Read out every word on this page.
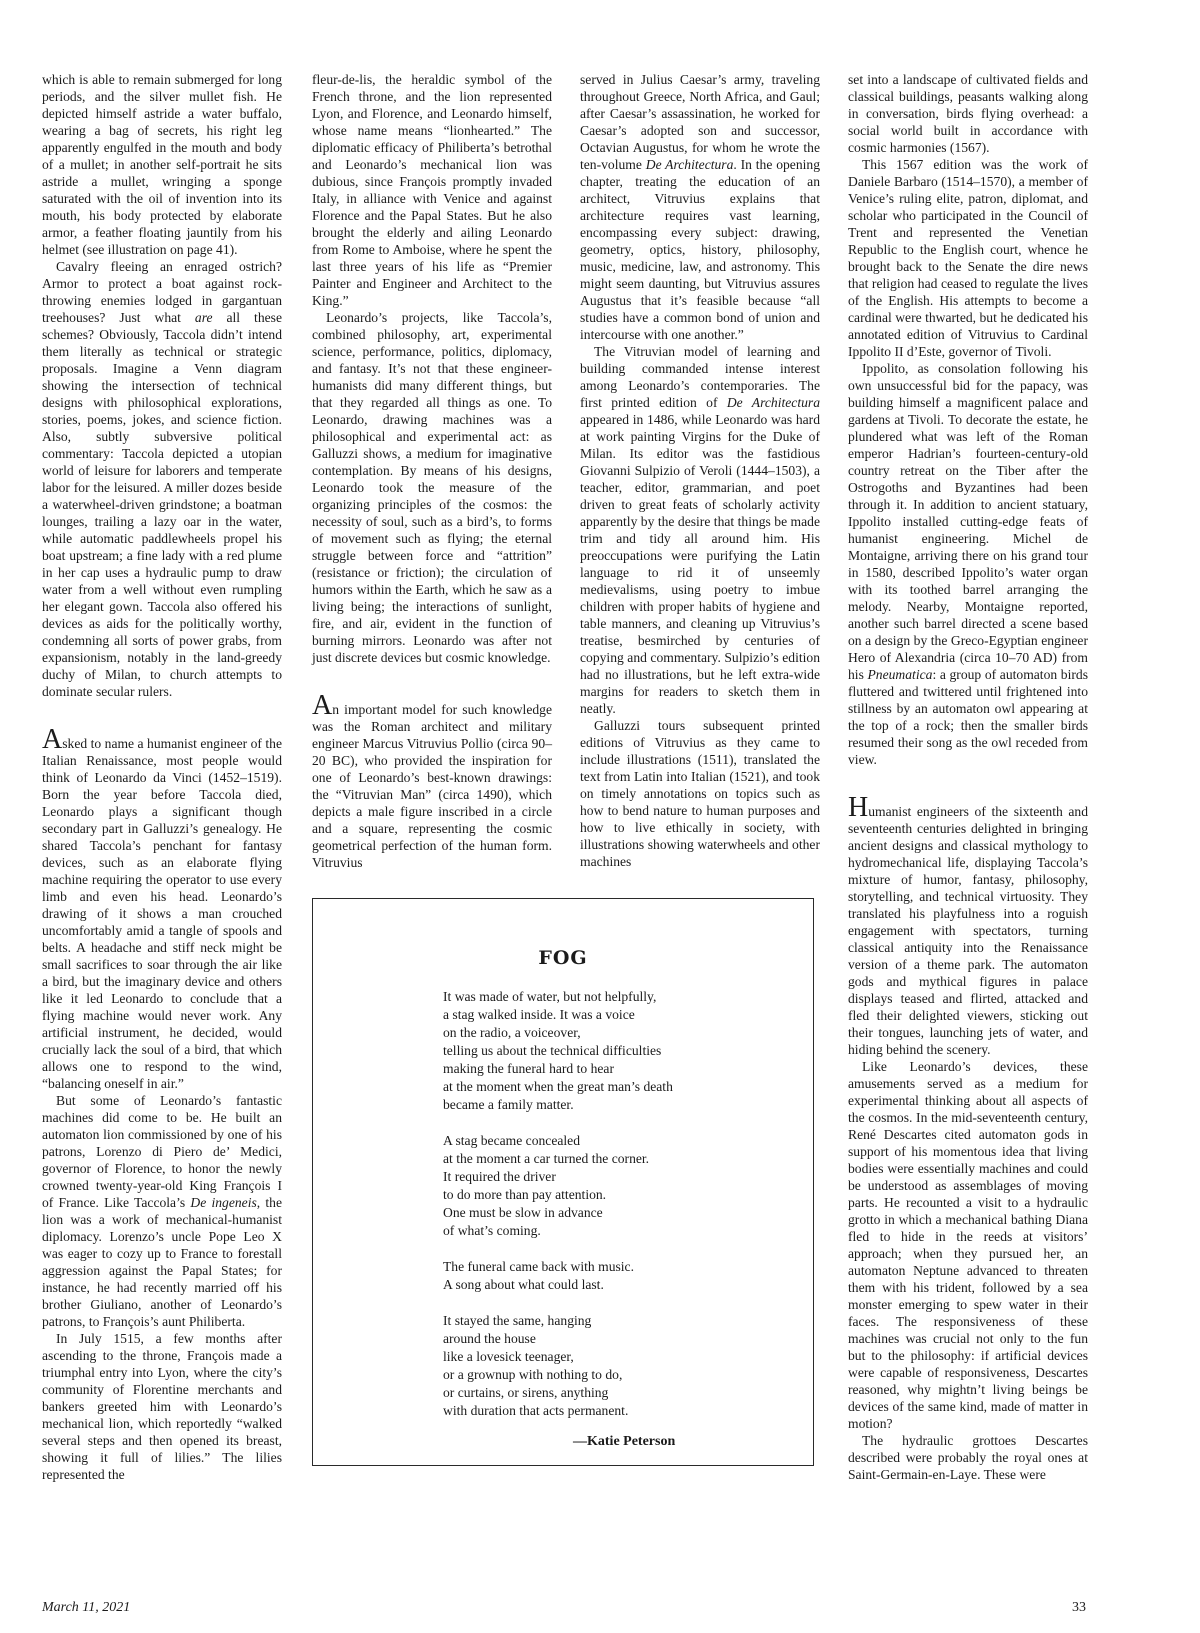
which is able to remain submerged for long periods, and the silver mullet fish. He depicted himself astride a water buffalo, wearing a bag of secrets, his right leg apparently engulfed in the mouth and body of a mullet; in another self-portrait he sits astride a mullet, wringing a sponge saturated with the oil of invention into its mouth, his body protected by elaborate armor, a feather floating jauntily from his helmet (see illustration on page 41).

Cavalry fleeing an enraged ostrich? Armor to protect a boat against rock-throwing enemies lodged in gargantuan treehouses? Just what are all these schemes? Obviously, Taccola didn’t intend them literally as technical or strategic proposals. Imagine a Venn diagram showing the intersection of technical designs with philosophical explorations, stories, poems, jokes, and science fiction. Also, subtly subversive political commentary: Taccola depicted a utopian world of leisure for laborers and temperate labor for the leisured. A miller dozes beside a waterwheel-driven grindstone; a boatman lounges, trailing a lazy oar in the water, while automatic paddlewheels propel his boat upstream; a fine lady with a red plume in her cap uses a hydraulic pump to draw water from a well without even rumpling her elegant gown. Taccola also offered his devices as aids for the politically worthy, condemning all sorts of power grabs, from expansionism, notably in the land-greedy duchy of Milan, to church attempts to dominate secular rulers.

Asked to name a humanist engineer of the Italian Renaissance, most people would think of Leonardo da Vinci (1452–1519). Born the year before Taccola died, Leonardo plays a significant though secondary part in Galluzzi’s genealogy. He shared Taccola’s penchant for fantasy devices, such as an elaborate flying machine requiring the operator to use every limb and even his head. Leonardo’s drawing of it shows a man crouched uncomfortably amid a tangle of spools and belts. A headache and stiff neck might be small sacrifices to soar through the air like a bird, but the imaginary device and others like it led Leonardo to conclude that a flying machine would never work. Any artificial instrument, he decided, would crucially lack the soul of a bird, that which allows one to respond to the wind, “balancing oneself in air.”

But some of Leonardo’s fantastic machines did come to be. He built an automaton lion commissioned by one of his patrons, Lorenzo di Piero de’ Medici, governor of Florence, to honor the newly crowned twenty-year-old King François I of France. Like Taccola’s De ingeneis, the lion was a work of mechanical-humanist diplomacy. Lorenzo’s uncle Pope Leo X was eager to cozy up to France to forestall aggression against the Papal States; for instance, he had recently married off his brother Giuliano, another of Leonardo’s patrons, to François’s aunt Philiberta.

In July 1515, a few months after ascending to the throne, François made a triumphal entry into Lyon, where the city’s community of Florentine merchants and bankers greeted him with Leonardo’s mechanical lion, which reportedly “walked several steps and then opened its breast, showing it full of lilies.” The lilies represented the

fleur-de-lis, the heraldic symbol of the French throne, and the lion represented Lyon, and Florence, and Leonardo himself, whose name means “lionhearted.” The diplomatic efficacy of Philiberta’s betrothal and Leonardo’s mechanical lion was dubious, since François promptly invaded Italy, in alliance with Venice and against Florence and the Papal States. But he also brought the elderly and ailing Leonardo from Rome to Amboise, where he spent the last three years of his life as “Premier Painter and Engineer and Architect to the King.”

Leonardo’s projects, like Taccola’s, combined philosophy, art, experimental science, performance, politics, diplomacy, and fantasy. It’s not that these engineer-humanists did many different things, but that they regarded all things as one. To Leonardo, drawing machines was a philosophical and experimental act: as Galluzzi shows, a medium for imaginative contemplation. By means of his designs, Leonardo took the measure of the organizing principles of the cosmos: the necessity of soul, such as a bird’s, to forms of movement such as flying; the eternal struggle between force and “attrition” (resistance or friction); the circulation of humors within the Earth, which he saw as a living being; the interactions of sunlight, fire, and air, evident in the function of burning mirrors. Leonardo was after not just discrete devices but cosmic knowledge.

An important model for such knowledge was the Roman architect and military engineer Marcus Vitruvius Pollio (circa 90–20 BC), who provided the inspiration for one of Leonardo’s best-known drawings: the “Vitruvian Man” (circa 1490), which depicts a male figure inscribed in a circle and a square, representing the cosmic geometrical perfection of the human form. Vitruvius

served in Julius Caesar’s army, traveling throughout Greece, North Africa, and Gaul; after Caesar’s assassination, he worked for Caesar’s adopted son and successor, Octavian Augustus, for whom he wrote the ten-volume De Architectura. In the opening chapter, treating the education of an architect, Vitruvius explains that architecture requires vast learning, encompassing every subject: drawing, geometry, optics, history, philosophy, music, medicine, law, and astronomy. This might seem daunting, but Vitruvius assures Augustus that it’s feasible because “all studies have a common bond of union and intercourse with one another.”

The Vitruvian model of learning and building commanded intense interest among Leonardo’s contemporaries. The first printed edition of De Architectura appeared in 1486, while Leonardo was hard at work painting Virgins for the Duke of Milan. Its editor was the fastidious Giovanni Sulpizio of Veroli (1444–1503), a teacher, editor, grammarian, and poet driven to great feats of scholarly activity apparently by the desire that things be made trim and tidy all around him. His preoccupations were purifying the Latin language to rid it of unseemly medievalisms, using poetry to imbue children with proper habits of hygiene and table manners, and cleaning up Vitruvius’s treatise, besmirched by centuries of copying and commentary. Sulpizio’s edition had no illustrations, but he left extra-wide margins for readers to sketch them in neatly.

Galluzzi tours subsequent printed editions of Vitruvius as they came to include illustrations (1511), translated the text from Latin into Italian (1521), and took on timely annotations on topics such as how to bend nature to human purposes and how to live ethically in society, with illustrations showing waterwheels and other machines

set into a landscape of cultivated fields and classical buildings, peasants walking along in conversation, birds flying overhead: a social world built in accordance with cosmic harmonies (1567).

This 1567 edition was the work of Daniele Barbaro (1514–1570), a member of Venice’s ruling elite, patron, diplomat, and scholar who participated in the Council of Trent and represented the Venetian Republic to the English court, whence he brought back to the Senate the dire news that religion had ceased to regulate the lives of the English. His attempts to become a cardinal were thwarted, but he dedicated his annotated edition of Vitruvius to Cardinal Ippolito II d’Este, governor of Tivoli.

Ippolito, as consolation following his own unsuccessful bid for the papacy, was building himself a magnificent palace and gardens at Tivoli. To decorate the estate, he plundered what was left of the Roman emperor Hadrian’s fourteen-century-old country retreat on the Tiber after the Ostrogoths and Byzantines had been through it. In addition to ancient statuary, Ippolito installed cutting-edge feats of humanist engineering. Michel de Montaigne, arriving there on his grand tour in 1580, described Ippolito’s water organ with its toothed barrel arranging the melody. Nearby, Montaigne reported, another such barrel directed a scene based on a design by the Greco-Egyptian engineer Hero of Alexandria (circa 10–70 AD) from his Pneumatica: a group of automaton birds fluttered and twittered until frightened into stillness by an automaton owl appearing at the top of a rock; then the smaller birds resumed their song as the owl receded from view.

Humanist engineers of the sixteenth and seventeenth centuries delighted in bringing ancient designs and classical mythology to hydromechanical life, displaying Taccola’s mixture of humor, fantasy, philosophy, storytelling, and technical virtuosity. They translated his playfulness into a roguish engagement with spectators, turning classical antiquity into the Renaissance version of a theme park. The automaton gods and mythical figures in palace displays teased and flirted, attacked and fled their delighted viewers, sticking out their tongues, launching jets of water, and hiding behind the scenery.

Like Leonardo’s devices, these amusements served as a medium for experimental thinking about all aspects of the cosmos. In the mid-seventeenth century, René Descartes cited automaton gods in support of his momentous idea that living bodies were essentially machines and could be understood as assemblages of moving parts. He recounted a visit to a hydraulic grotto in which a mechanical bathing Diana fled to hide in the reeds at visitors’ approach; when they pursued her, an automaton Neptune advanced to threaten them with his trident, followed by a sea monster emerging to spew water in their faces. The responsiveness of these machines was crucial not only to the fun but to the philosophy: if artificial devices were capable of responsiveness, Descartes reasoned, why mightn’t living beings be devices of the same kind, made of matter in motion?

The hydraulic grottoes Descartes described were probably the royal ones at Saint-Germain-en-Laye. These were

FOG
It was made of water, but not helpfully,
a stag walked inside. It was a voice
on the radio, a voiceover,
telling us about the technical difficulties
making the funeral hard to hear
at the moment when the great man’s death
became a family matter.
A stag became concealed
at the moment a car turned the corner.
It required the driver
to do more than pay attention.
One must be slow in advance
of what’s coming.
The funeral came back with music.
A song about what could last.
It stayed the same, hanging
around the house
like a lovesick teenager,
or a grownup with nothing to do,
or curtains, or sirens, anything
with duration that acts permanent.
—Katie Peterson
March 11, 2021	33
